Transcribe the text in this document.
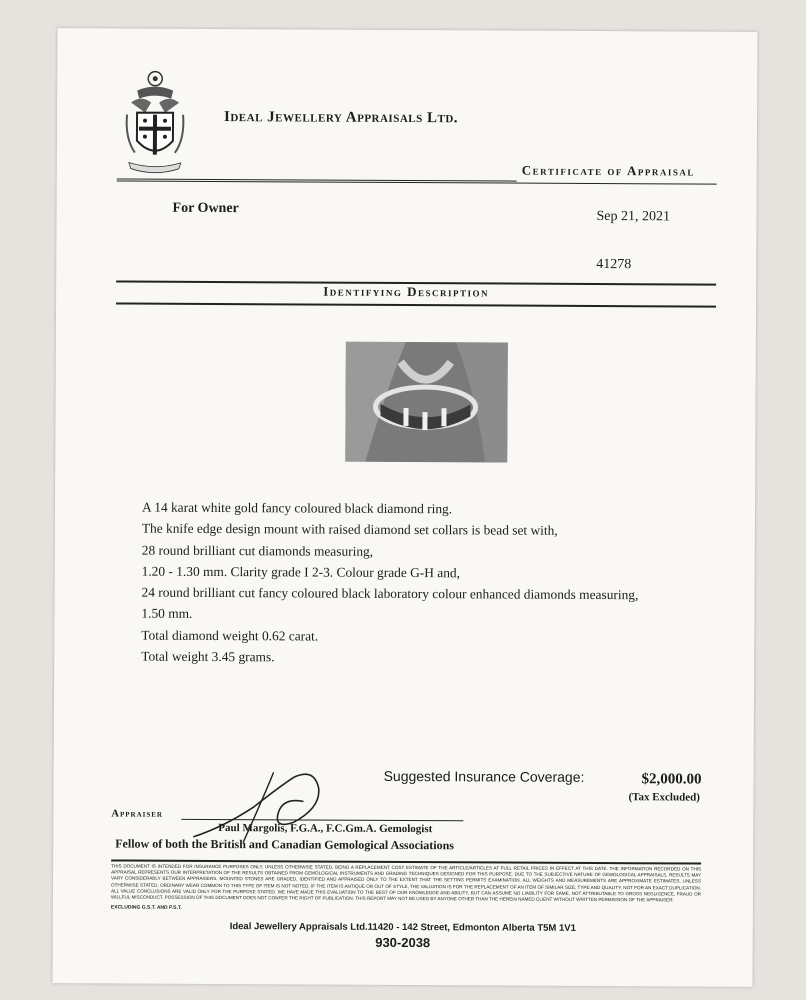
Ideal Jewellery Appraisals Ltd.
Certificate of Appraisal
For Owner
Sep 21, 2021
41278
Identifying Description
A 14 karat white gold fancy coloured black diamond ring.
The knife edge design mount with raised diamond set collars is bead set with,
28 round brilliant cut diamonds measuring,
1.20 - 1.30 mm. Clarity grade I 2-3. Colour grade G-H and,
24 round brilliant cut fancy coloured black laboratory colour enhanced diamonds measuring,
1.50 mm.
Total diamond weight 0.62 carat.
Total weight 3.45 grams.
Suggested Insurance Coverage:	$2,000.00
(Tax Excluded)
Appraiser
Paul Margolis, F.G.A., F.C.Gm.A. Gemologist
Fellow of both the British and Canadian Gemological Associations
THIS DOCUMENT IS INTENDED FOR INSURANCE PURPOSES ONLY, UNLESS OTHERWISE STATED, BEING A REPLACEMENT COST ESTIMATE OF THE ARTICLE/ARTICLES AT FULL RETAIL PRICES IN EFFECT AT THIS DATE. THE INFORMATION RECORDED ON THIS APPRAISAL REPRESENTS OUR INTERPRETATION OF THE RESULTS OBTAINED FROM GEMOLOGICAL INSTRUMENTS AND GRADING TECHNIQUES DESIGNED FOR THIS PURPOSE. DUE TO THE SUBJECTIVE NATURE OF GEMOLOGICAL APPRAISALS, RESULTS MAY VARY CONSIDERABLY BETWEEN APPRAISERS. MOUNTED STONES ARE GRADED, IDENTIFIED AND APPRAISED ONLY TO THE EXTENT THAT THE SETTING PERMITS EXAMINATION. ALL WEIGHTS AND MEASUREMENTS ARE APPROXIMATE ESTIMATES, UNLESS OTHERWISE STATED. ORDINARY WEAR COMMON TO THIS TYPE OF ITEM IS NOT NOTED. IF THE ITEM IS ANTIQUE OR OUT OF STYLE, THE VALUATION IS FOR THE REPLACEMENT OF AN ITEM OF SIMILAR SIZE, TYPE AND QUALITY, NOT FOR AN EXACT DUPLICATION. ALL VALUE CONCLUSIONS ARE VALID ONLY FOR THE PURPOSE STATED. WE HAVE MADE THIS EVALUATION TO THE BEST OF OUR KNOWLEDGE AND ABILITY, BUT CAN ASSUME NO LIABILITY FOR SAME, NOT ATTRIBUTABLE TO GROSS NEGLIGENCE, FRAUD OR WILLFUL MISCONDUCT. POSSESSION OF THIS DOCUMENT DOES NOT CONFER THE RIGHT OF PUBLICATION. THIS REPORT MAY NOT BE USED BY ANYONE OTHER THAN THE HEREIN NAMED CLIENT WITHOUT WRITTEN PERMISSION OF THE APPRAISER.
EXCLUDING G.S.T. AND P.S.T.
Ideal Jewellery Appraisals Ltd.11420 - 142 Street, Edmonton Alberta T5M 1V1
930-2038
